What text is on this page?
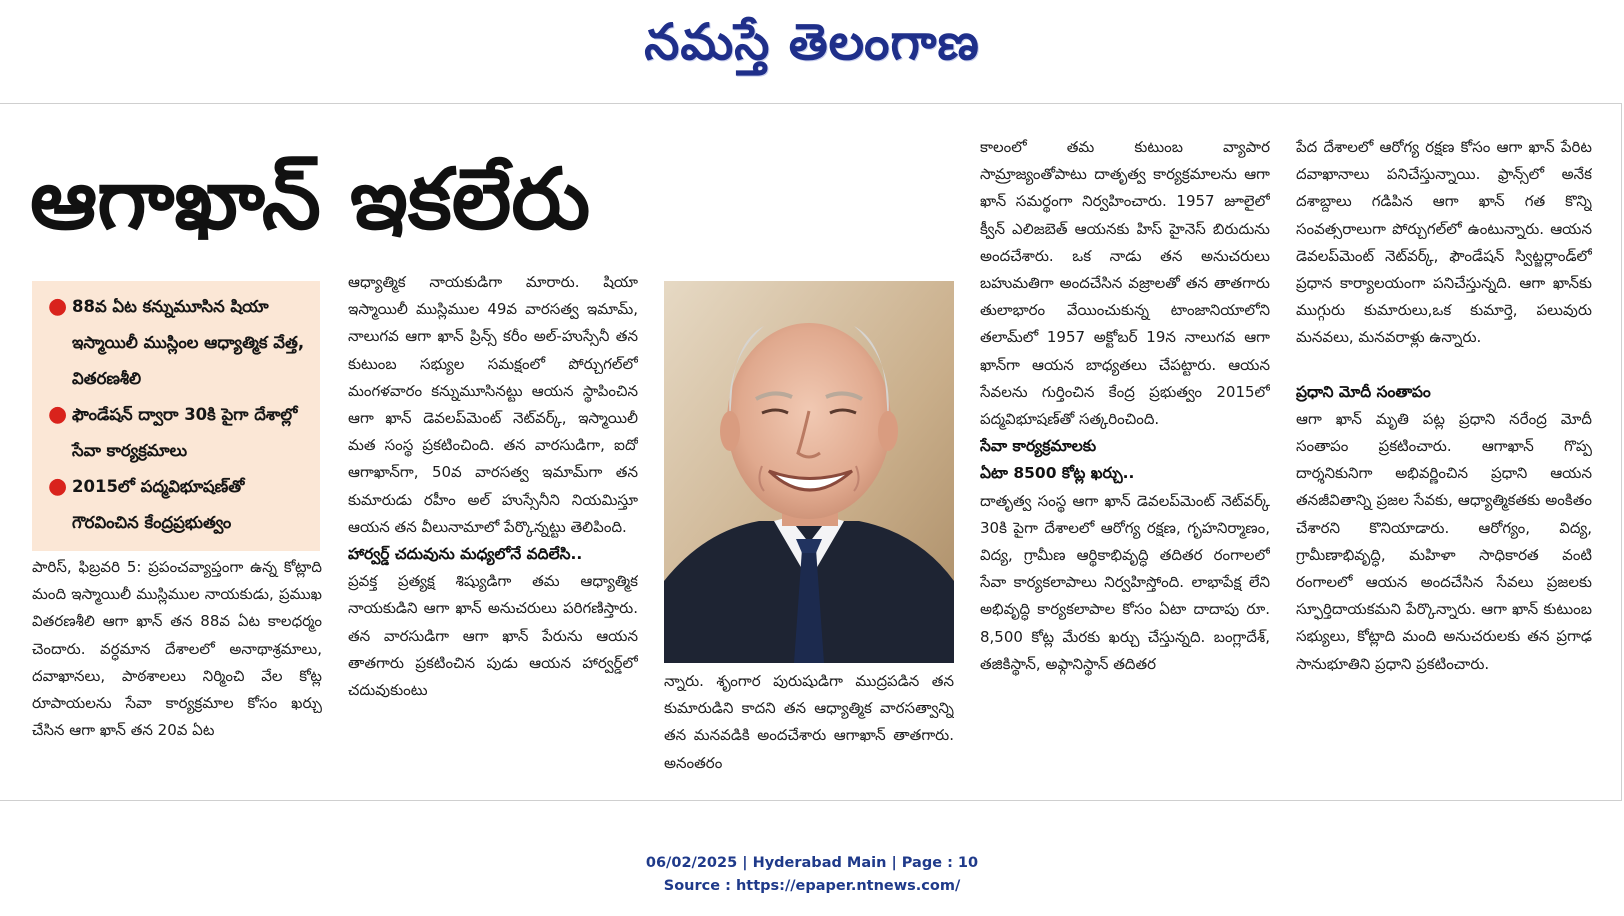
నమస్తే తెలంగాణ
ఆగాఖాన్ ఇకలేరు
● 88వ ఏట కన్నుమూసిన షియా ఇస్మాయిలీ ముస్లింల ఆధ్యాత్మిక వేత్త, వితరణశీలి
● ఫౌండేషన్ ద్వారా 30కి పైగా దేశాల్లో సేవా కార్యక్రమాలు
● 2015లో పద్మవిభూషణ్‌తో గౌరవించిన కేంద్రప్రభుత్వం

పారిస్, ఫిబ్రవరి 5: ప్రపంచవ్యాప్తంగా ఉన్న కోట్లాది మంది ఇస్మాయిలీ ముస్లిముల నాయకుడు, ప్రముఖ వితరణశీలి ఆగా ఖాన్ తన 88వ ఏట కాలధర్మం చెందారు. వర్ధమాన దేశాలలో అనాథాశ్రమాలు, దవాఖానలు, పాఠశాలలు నిర్మించి వేల కోట్ల రూపాయలను సేవా కార్యక్రమాల కోసం ఖర్చు చేసిన ఆగా ఖాన్ తన 20వ ఏట

ఆధ్యాత్మిక నాయకుడిగా మారారు. షియా ఇస్మాయిలీ ముస్లిముల 49వ వారసత్వ ఇమామ్, నాలుగవ ఆగా ఖాన్ ప్రిన్స్ కరీం అల్-హుస్సేనీ తన కుటుంబ సభ్యుల సమక్షంలో పోర్చుగల్‌లో మంగళవారం కన్నుమూసినట్టు ఆయన స్థాపించిన ఆగా ఖాన్ డెవలప్‌మెంట్ నెట్‌వర్క్, ఇస్మాయిలీ మత సంస్థ ప్రకటించింది. తన వారసుడిగా, ఐదో ఆగాఖాన్‌గా, 50వ వారసత్వ ఇమామ్‌గా తన కుమారుడు రహీం అల్ హుస్సేనీని నియమిస్తూ ఆయన తన వీలునామాలో పేర్కొన్నట్టు తెలిపింది.

హార్వర్డ్ చదువును మధ్యలోనే వదిలేసి..

ప్రవక్త ప్రత్యక్ష శిష్యుడిగా తమ ఆధ్యాత్మిక నాయకుడిని ఆగా ఖాన్ అనుచరులు పరిగణిస్తారు. తన వారసుడిగా ఆగా ఖాన్ పేరును ఆయన తాతగారు ప్రకటించిన పుడు ఆయన హార్వర్డ్‌లో చదువుకుంటు

న్నారు. శృంగార పురుషుడిగా ముద్రపడిన తన కుమారుడిని కాదని తన ఆధ్యాత్మిక వారసత్వాన్ని తన మనవడికి అందచేశారు ఆగాఖాన్ తాతగారు. అనంతరం

కాలంలో తమ కుటుంబ వ్యాపార సామ్రాజ్యంతోపాటు దాతృత్వ కార్యక్రమాలను ఆగా ఖాన్ సమర్థంగా నిర్వహించారు. 1957 జూలైలో క్వీన్ ఎలిజబెత్ ఆయనకు హిస్ హైనెస్ బిరుదును అందచేశారు. ఒక నాడు తన అనుచరులు బహుమతిగా అందచేసిన వజ్రాలతో తన తాతగారు తులాభారం వేయించుకున్న టాంజానియాలోని తలామ్‌లో 1957 అక్టోబర్ 19న నాలుగవ ఆగా ఖాన్‌గా ఆయన బాధ్యతలు చేపట్టారు. ఆయన సేవలను గుర్తించిన కేంద్ర ప్రభుత్వం 2015లో పద్మవిభూషణ్‌తో సత్కరించింది.

సేవా కార్యక్రమాలకు

ఏటా 8500 కోట్ల ఖర్చు..

దాతృత్వ సంస్థ ఆగా ఖాన్ డెవలప్‌మెంట్ నెట్‌వర్క్ 30కి పైగా దేశాలలో ఆరోగ్య రక్షణ, గృహనిర్మాణం, విద్య, గ్రామీణ ఆర్థికాభివృద్ధి తదితర రంగాలలో సేవా కార్యకలాపాలు నిర్వహిస్తోంది. లాభాపేక్ష లేని అభివృద్ధి కార్యకలాపాల కోసం ఏటా దాదాపు రూ. 8,500 కోట్ల మేరకు ఖర్చు చేస్తున్నది. బంగ్లాదేశ్, తజికిస్థాన్, అఫ్గానిస్థాన్ తదితర

పేద దేశాలలో ఆరోగ్య రక్షణ కోసం ఆగా ఖాన్ పేరిట దవాఖానాలు పనిచేస్తున్నాయి. ఫ్రాన్స్‌లో అనేక దశాబ్దాలు గడిపిన ఆగా ఖాన్ గత కొన్ని సంవత్సరాలుగా పోర్చుగల్‌లో ఉంటున్నారు. ఆయన డెవలప్‌మెంట్ నెట్‌వర్క్, ఫౌండేషన్ స్విట్జర్లాండ్‌లో ప్రధాన కార్యాలయంగా పనిచేస్తున్నది. ఆగా ఖాన్‌కు ముగ్గురు కుమారులు,ఒక కుమార్తె, పలువురు మనవలు, మనవరాళ్లు ఉన్నారు.

ప్రధాని మోదీ సంతాపం

ఆగా ఖాన్ మృతి పట్ల ప్రధాని నరేంద్ర మోదీ సంతాపం ప్రకటించారు. ఆగాఖాన్ గొప్ప దార్శనికునిగా అభివర్ణించిన ప్రధాని ఆయన తనజీవితాన్ని ప్రజల సేవకు, ఆధ్యాత్మికతకు అంకితం చేశారని కొనియాడారు. ఆరోగ్యం, విద్య, గ్రామీణాభివృద్ధి, మహిళా సాధికారత వంటి రంగాలలో ఆయన అందచేసిన సేవలు ప్రజలకు స్ఫూర్తిదాయకమని పేర్కొన్నారు. ఆగా ఖాన్ కుటుంబ సభ్యులు, కోట్లాది మంది అనుచరులకు తన ప్రగాఢ సానుభూతిని ప్రధాని ప్రకటించారు.

06/02/2025 | Hyderabad Main | Page : 10
Source : https://epaper.ntnews.com/
